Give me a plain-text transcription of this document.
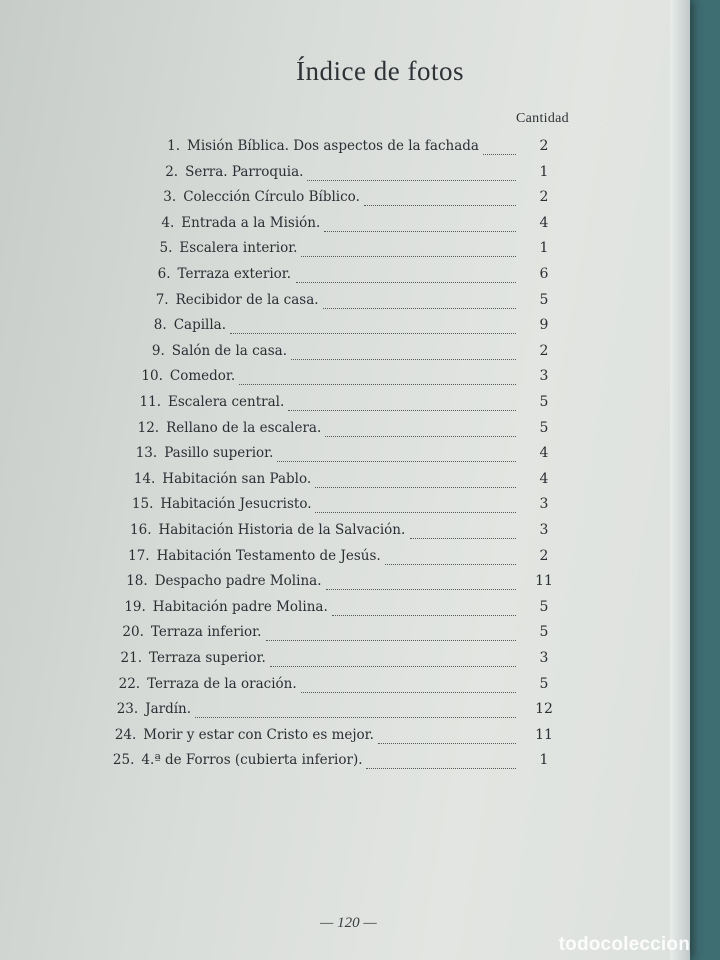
Índice de fotos
Cantidad
1. Misión Bíblica. Dos aspectos de la fachada	2
2. Serra. Parroquia.	1
3. Colección Círculo Bíblico.	2
4. Entrada a la Misión.	4
5. Escalera interior.	1
6. Terraza exterior.	6
7. Recibidor de la casa.	5
8. Capilla.	9
9. Salón de la casa.	2
10. Comedor.	3
11. Escalera central.	5
12. Rellano de la escalera.	5
13. Pasillo superior.	4
14. Habitación san Pablo.	4
15. Habitación Jesucristo.	3
16. Habitación Historia de la Salvación.	3
17. Habitación Testamento de Jesús.	2
18. Despacho padre Molina.	11
19. Habitación padre Molina.	5
20. Terraza inferior.	5
21. Terraza superior.	3
22. Terraza de la oración.	5
23. Jardín.	12
24. Morir y estar con Cristo es mejor.	11
25. 4.ª de Forros (cubierta inferior).	1
— 120 —
todocoleccion
